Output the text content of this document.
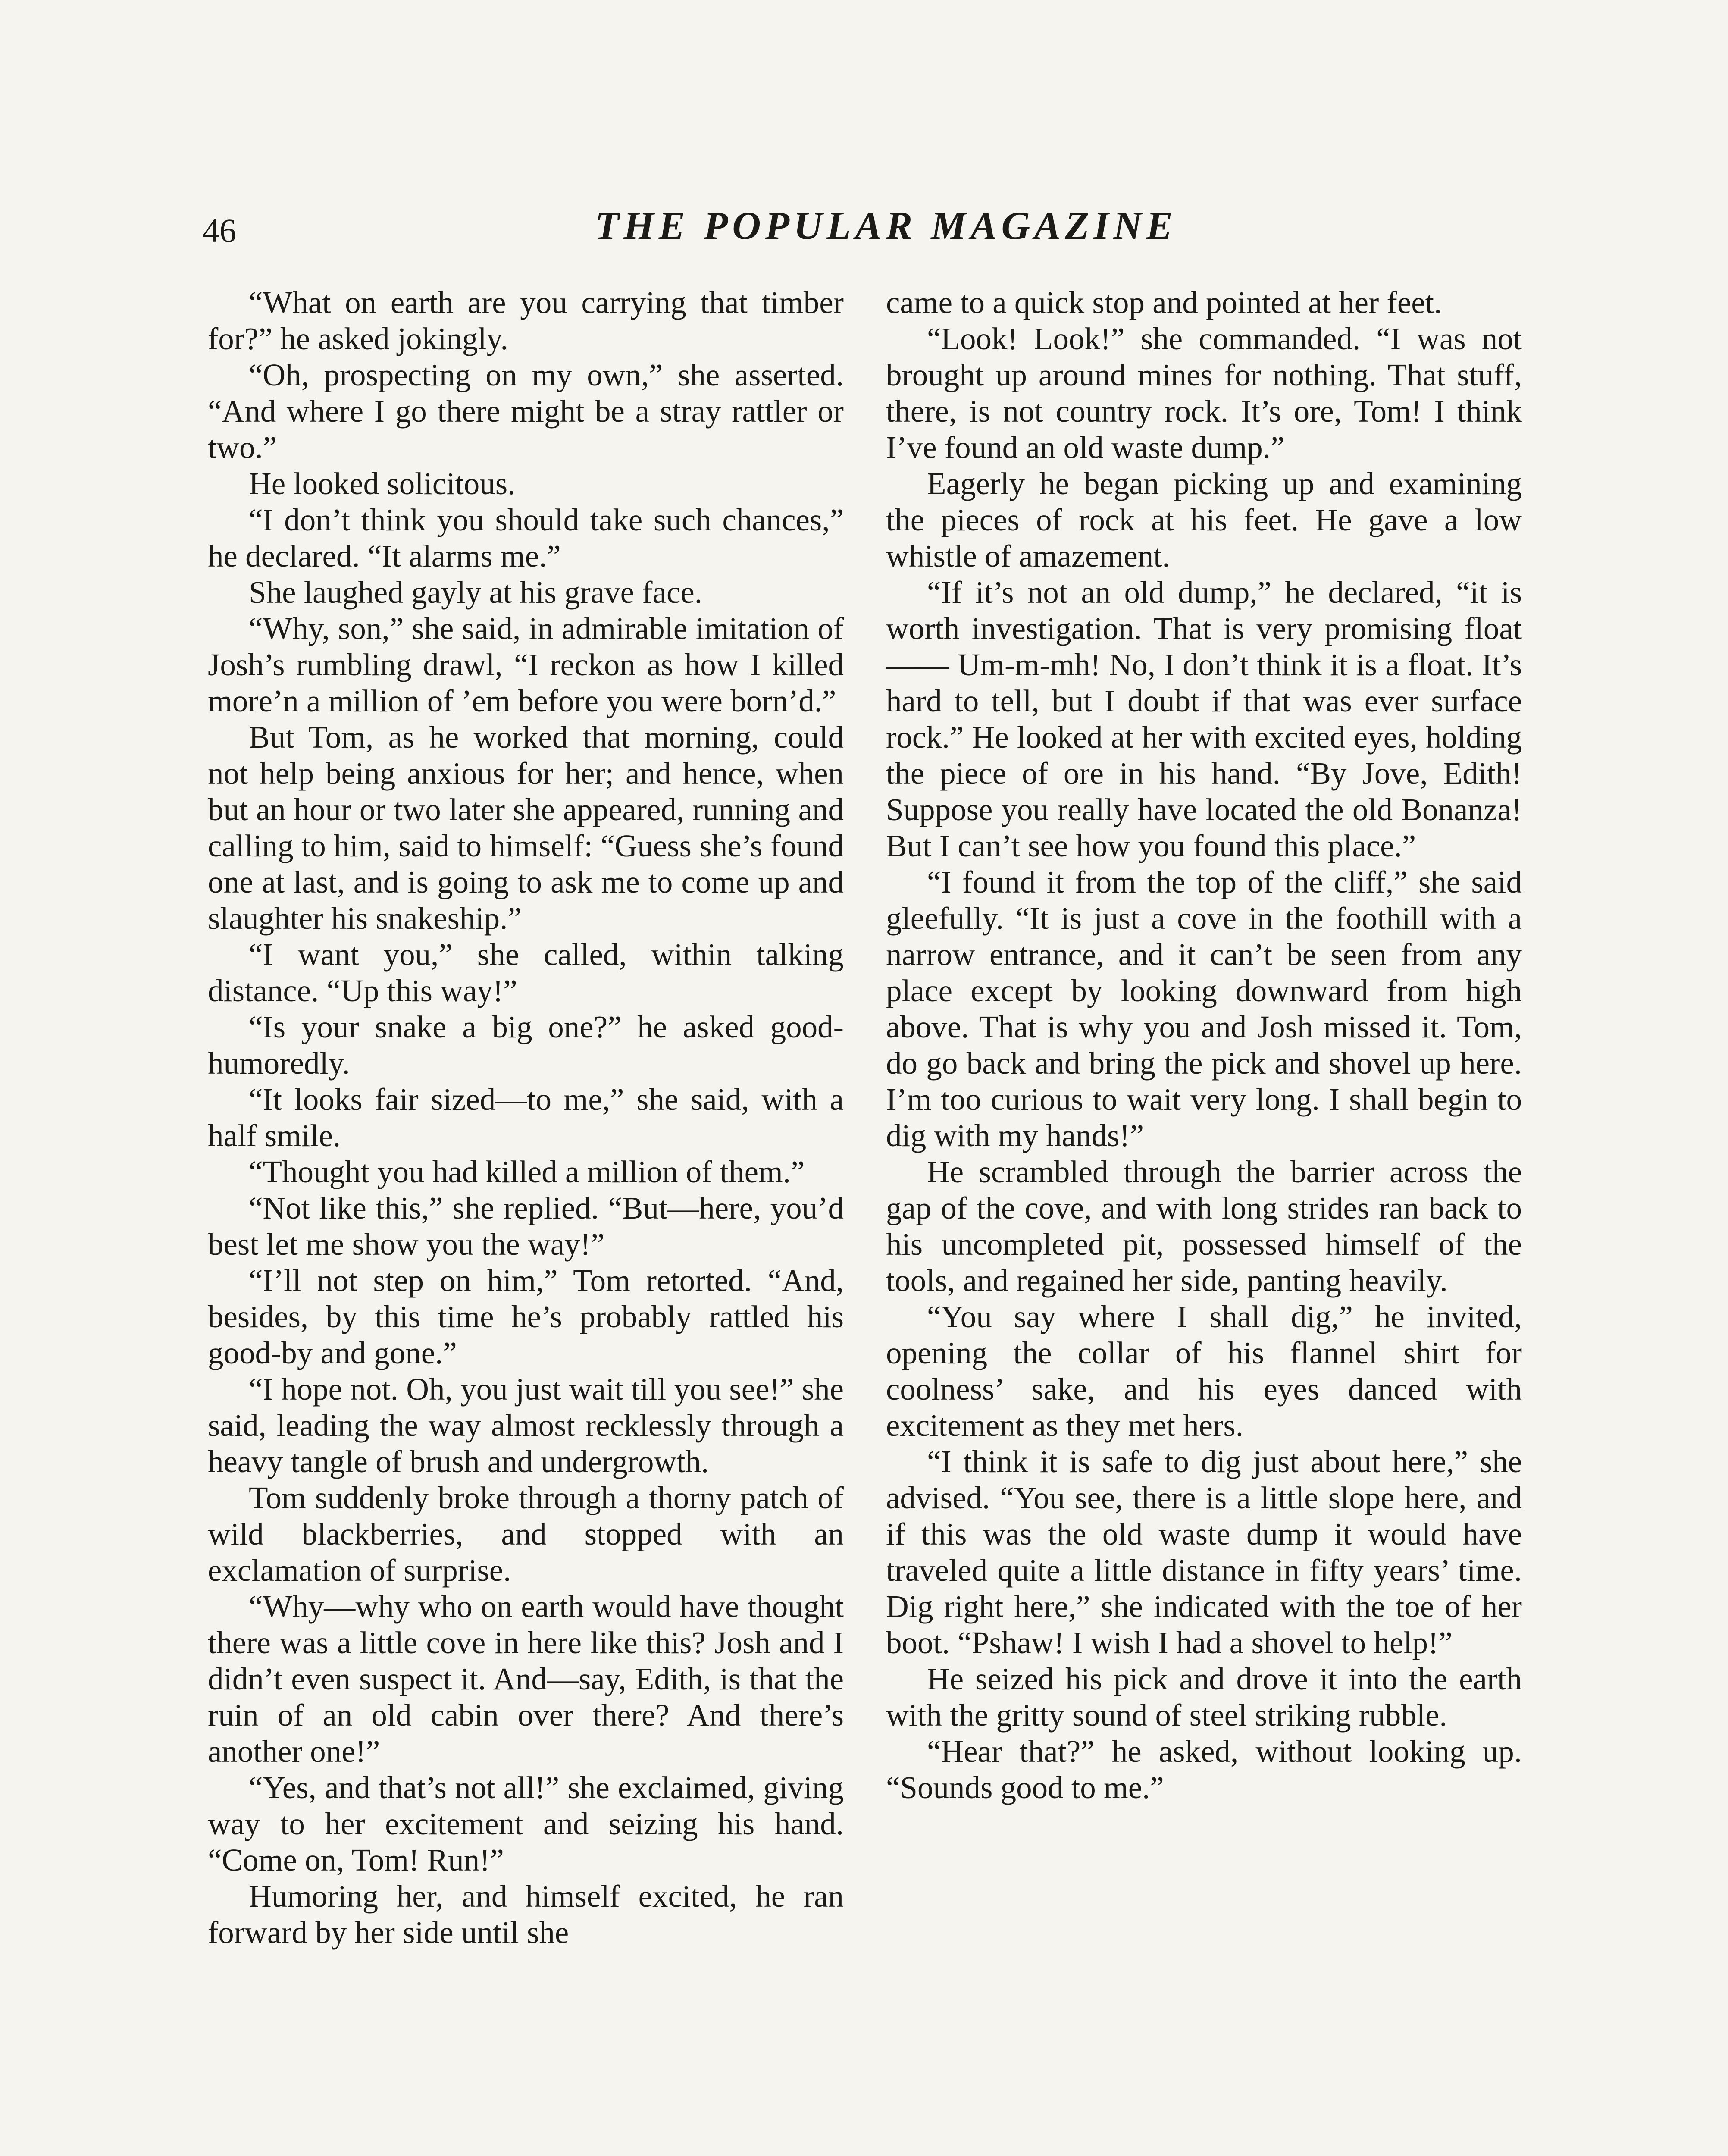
46	THE POPULAR MAGAZINE

“What on earth are you carrying that timber for?” he asked jokingly.

“Oh, prospecting on my own,” she asserted. “And where I go there might be a stray rattler or two.”

He looked solicitous.

“I don’t think you should take such chances,” he declared. “It alarms me.”

She laughed gayly at his grave face.

“Why, son,” she said, in admirable imitation of Josh’s rumbling drawl, “I reckon as how I killed more’n a million of ’em before you were born’d.”

But Tom, as he worked that morning, could not help being anxious for her; and hence, when but an hour or two later she appeared, running and calling to him, said to himself: “Guess she’s found one at last, and is going to ask me to come up and slaughter his snakeship.”

“I want you,” she called, within talking distance. “Up this way!”

“Is your snake a big one?” he asked good-humoredly.

“It looks fair sized—to me,” she said, with a half smile.

“Thought you had killed a million of them.”

“Not like this,” she replied. “But—here, you’d best let me show you the way!”

“I’ll not step on him,” Tom retorted. “And, besides, by this time he’s probably rattled his good-by and gone.”

“I hope not. Oh, you just wait till you see!” she said, leading the way almost recklessly through a heavy tangle of brush and undergrowth.

Tom suddenly broke through a thorny patch of wild blackberries, and stopped with an exclamation of surprise.

“Why—why who on earth would have thought there was a little cove in here like this? Josh and I didn’t even suspect it. And—say, Edith, is that the ruin of an old cabin over there? And there’s another one!”

“Yes, and that’s not all!” she exclaimed, giving way to her excitement and seizing his hand. “Come on, Tom! Run!”

Humoring her, and himself excited, he ran forward by her side until she

came to a quick stop and pointed at her feet.

“Look! Look!” she commanded. “I was not brought up around mines for nothing. That stuff, there, is not country rock. It’s ore, Tom! I think I’ve found an old waste dump.”

Eagerly he began picking up and examining the pieces of rock at his feet. He gave a low whistle of amazement.

“If it’s not an old dump,” he declared, “it is worth investigation. That is very promising float—— Um-m-mh! No, I don’t think it is a float. It’s hard to tell, but I doubt if that was ever surface rock.” He looked at her with excited eyes, holding the piece of ore in his hand. “By Jove, Edith! Suppose you really have located the old Bonanza! But I can’t see how you found this place.”

“I found it from the top of the cliff,” she said gleefully. “It is just a cove in the foothill with a narrow entrance, and it can’t be seen from any place except by looking downward from high above. That is why you and Josh missed it. Tom, do go back and bring the pick and shovel up here. I’m too curious to wait very long. I shall begin to dig with my hands!”

He scrambled through the barrier across the gap of the cove, and with long strides ran back to his uncompleted pit, possessed himself of the tools, and regained her side, panting heavily.

“You say where I shall dig,” he invited, opening the collar of his flannel shirt for coolness’ sake, and his eyes danced with excitement as they met hers.

“I think it is safe to dig just about here,” she advised. “You see, there is a little slope here, and if this was the old waste dump it would have traveled quite a little distance in fifty years’ time. Dig right here,” she indicated with the toe of her boot. “Pshaw! I wish I had a shovel to help!”

He seized his pick and drove it into the earth with the gritty sound of steel striking rubble.

“Hear that?” he asked, without looking up. “Sounds good to me.”
